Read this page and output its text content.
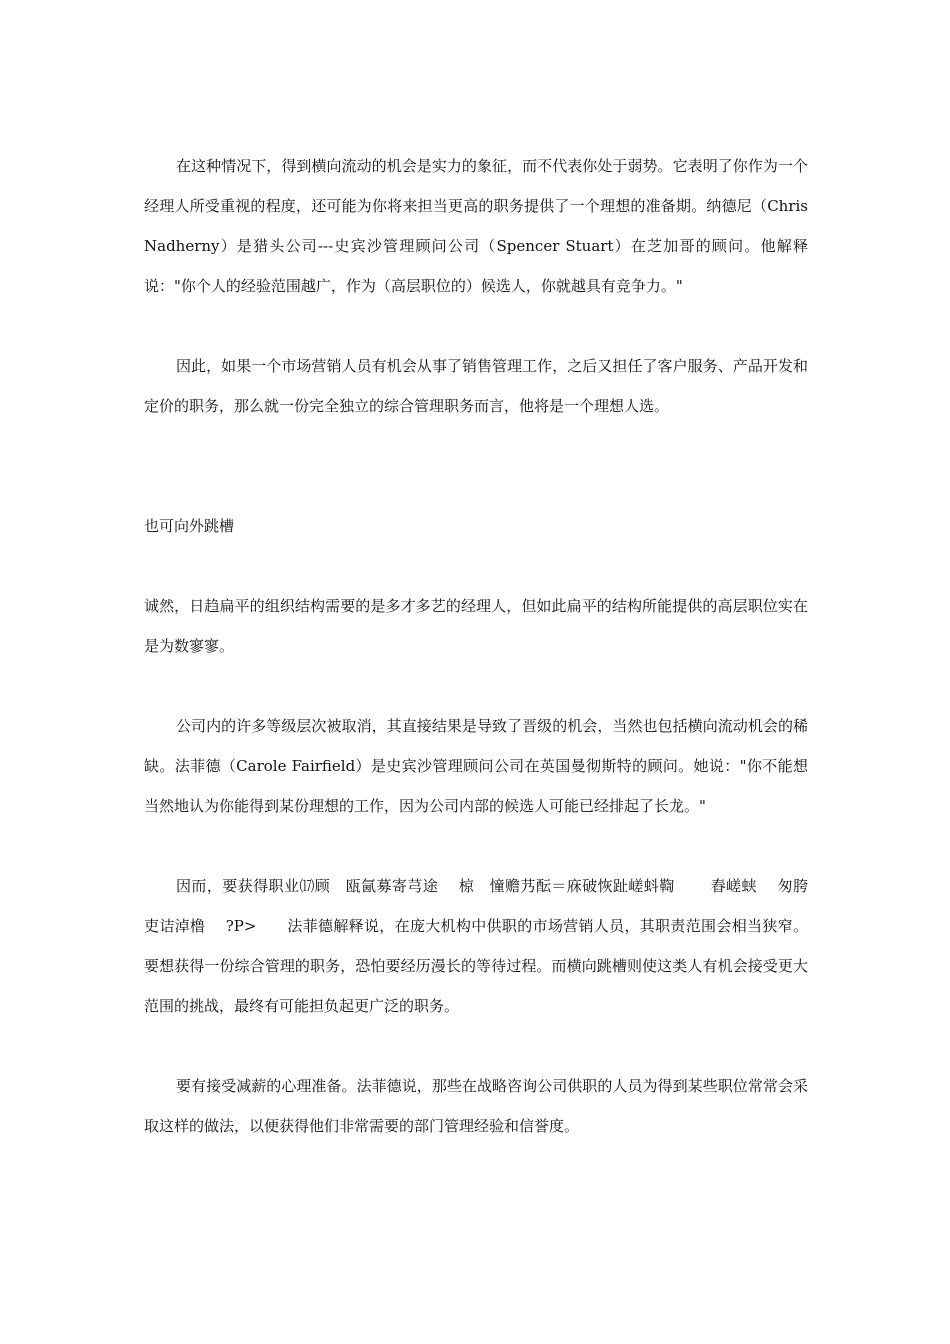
在这种情况下，得到横向流动的机会是实力的象征，而不代表你处于弱势。它表明了你作为一个经理人所受重视的程度，还可能为你将来担当更高的职务提供了一个理想的准备期。纳德尼（Chris Nadherny）是猎头公司---史宾沙管理顾问公司（Spencer Stuart）在芝加哥的顾问。他解释说："你个人的经验范围越广，作为（高层职位的）候选人，你就越具有竞争力。"

因此，如果一个市场营销人员有机会从事了销售管理工作，之后又担任了客户服务、产品开发和定价的职务，那么就一份完全独立的综合管理职务而言，他将是一个理想人选。

也可向外跳槽

诚然，日趋扁平的组织结构需要的是多才多艺的经理人，但如此扁平的结构所能提供的高层职位实在是为数寥寥。

公司内的许多等级层次被取消，其直接结果是导致了晋级的机会，当然也包括横向流动机会的稀缺。法菲德（Carole Fairfield）是史宾沙管理顾问公司在英国曼彻斯特的顾问。她说："你不能想当然地认为你能得到某份理想的工作，因为公司内部的候选人可能已经排起了长龙。"

因而，要获得职业⒄顾　瓯氤募寄芎途　 椋　憧赡艿酝＝庥破恢趾嵯蚪鞫　　 舂嵯蛱　 匆胯　 吏诘淖橹　 ?P>　　法菲德解释说，在庞大机构中供职的市场营销人员，其职责范围会相当狭窄。要想获得一份综合管理的职务，恐怕要经历漫长的等待过程。而横向跳槽则使这类人有机会接受更大范围的挑战，最终有可能担负起更广泛的职务。

要有接受减薪的心理准备。法菲德说，那些在战略咨询公司供职的人员为得到某些职位常常会采取这样的做法，以便获得他们非常需要的部门管理经验和信誉度。
